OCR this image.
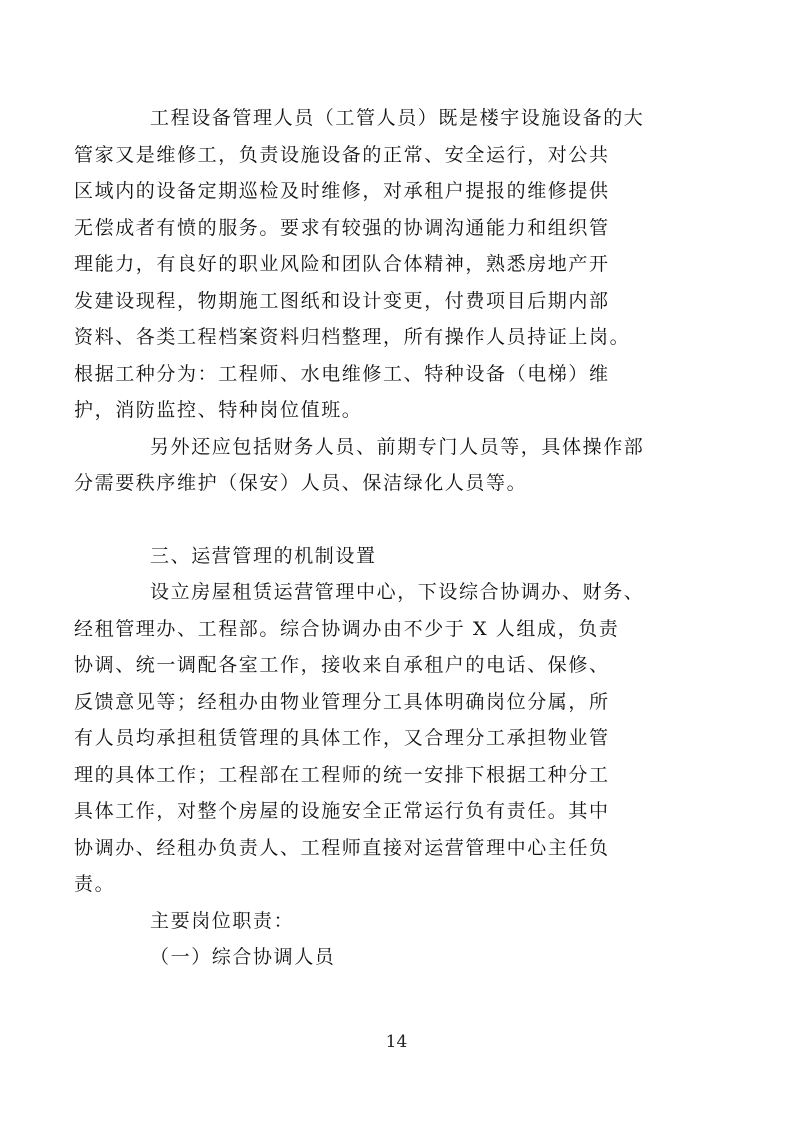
工程设备管理人员（工管人员）既是楼宇设施设备的大
管家又是维修工，负责设施设备的正常、安全运行，对公共
区域内的设备定期巡检及时维修，对承租户提报的维修提供
无偿成者有愤的服务。要求有较强的协调沟通能力和组织管
理能力，有良好的职业风险和团队合体精神，熟悉房地产开
发建设现程，物期施工图纸和设计变更，付费项目后期内部
资料、各类工程档案资料归档整理，所有操作人员持证上岗。
根据工种分为：工程师、水电维修工、特种设备（电梯）维
护，消防监控、特种岗位值班。

另外还应包括财务人员、前期专门人员等，具体操作部
分需要秩序维护（保安）人员、保洁绿化人员等。

三、运营管理的机制设置

设立房屋租赁运营管理中心，下设综合协调办、财务、
经租管理办、工程部。综合协调办由不少于 X 人组成，负责
协调、统一调配各室工作，接收来自承租户的电话、保修、
反馈意见等；经租办由物业管理分工具体明确岗位分属，所
有人员均承担租赁管理的具体工作，又合理分工承担物业管
理的具体工作；工程部在工程师的统一安排下根据工种分工
具体工作，对整个房屋的设施安全正常运行负有责任。其中
协调办、经租办负责人、工程师直接对运营管理中心主任负
责。

主要岗位职责：

（一）综合协调人员

14
